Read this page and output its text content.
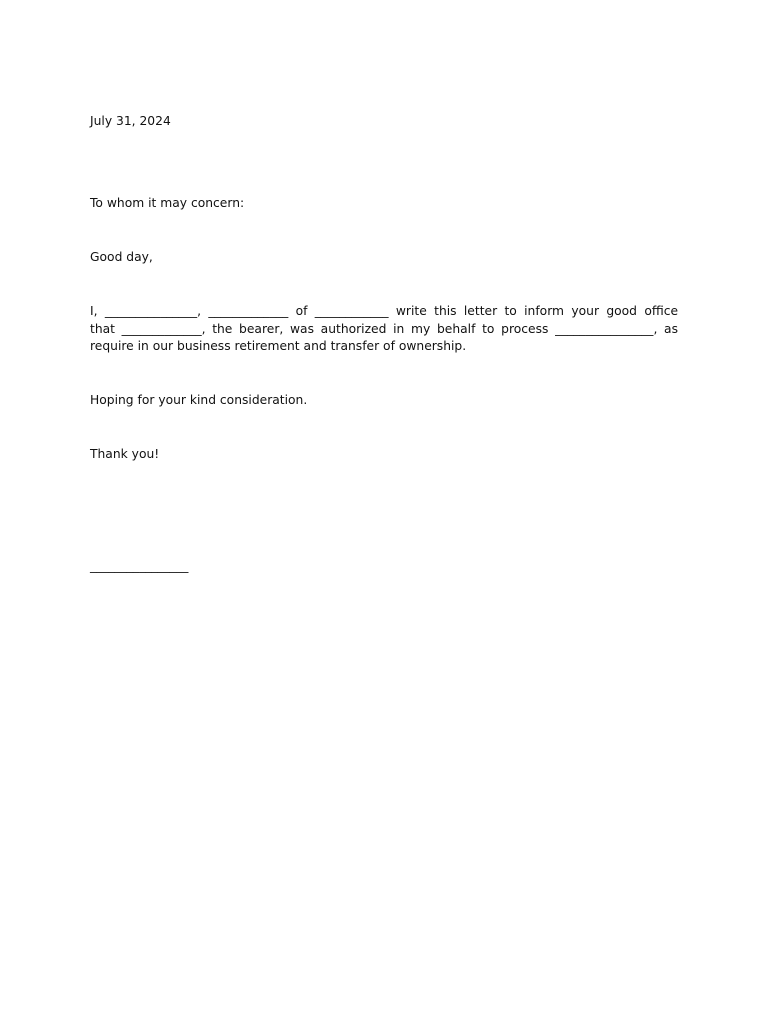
July 31, 2024
To whom it may concern:
Good day,
I, _______________, _____________ of ____________ write this letter to inform your good office
that _____________, the bearer, was authorized in my behalf to process ________________, as
require in our business retirement and transfer of ownership.
Hoping for your kind consideration.
Thank you!
________________
